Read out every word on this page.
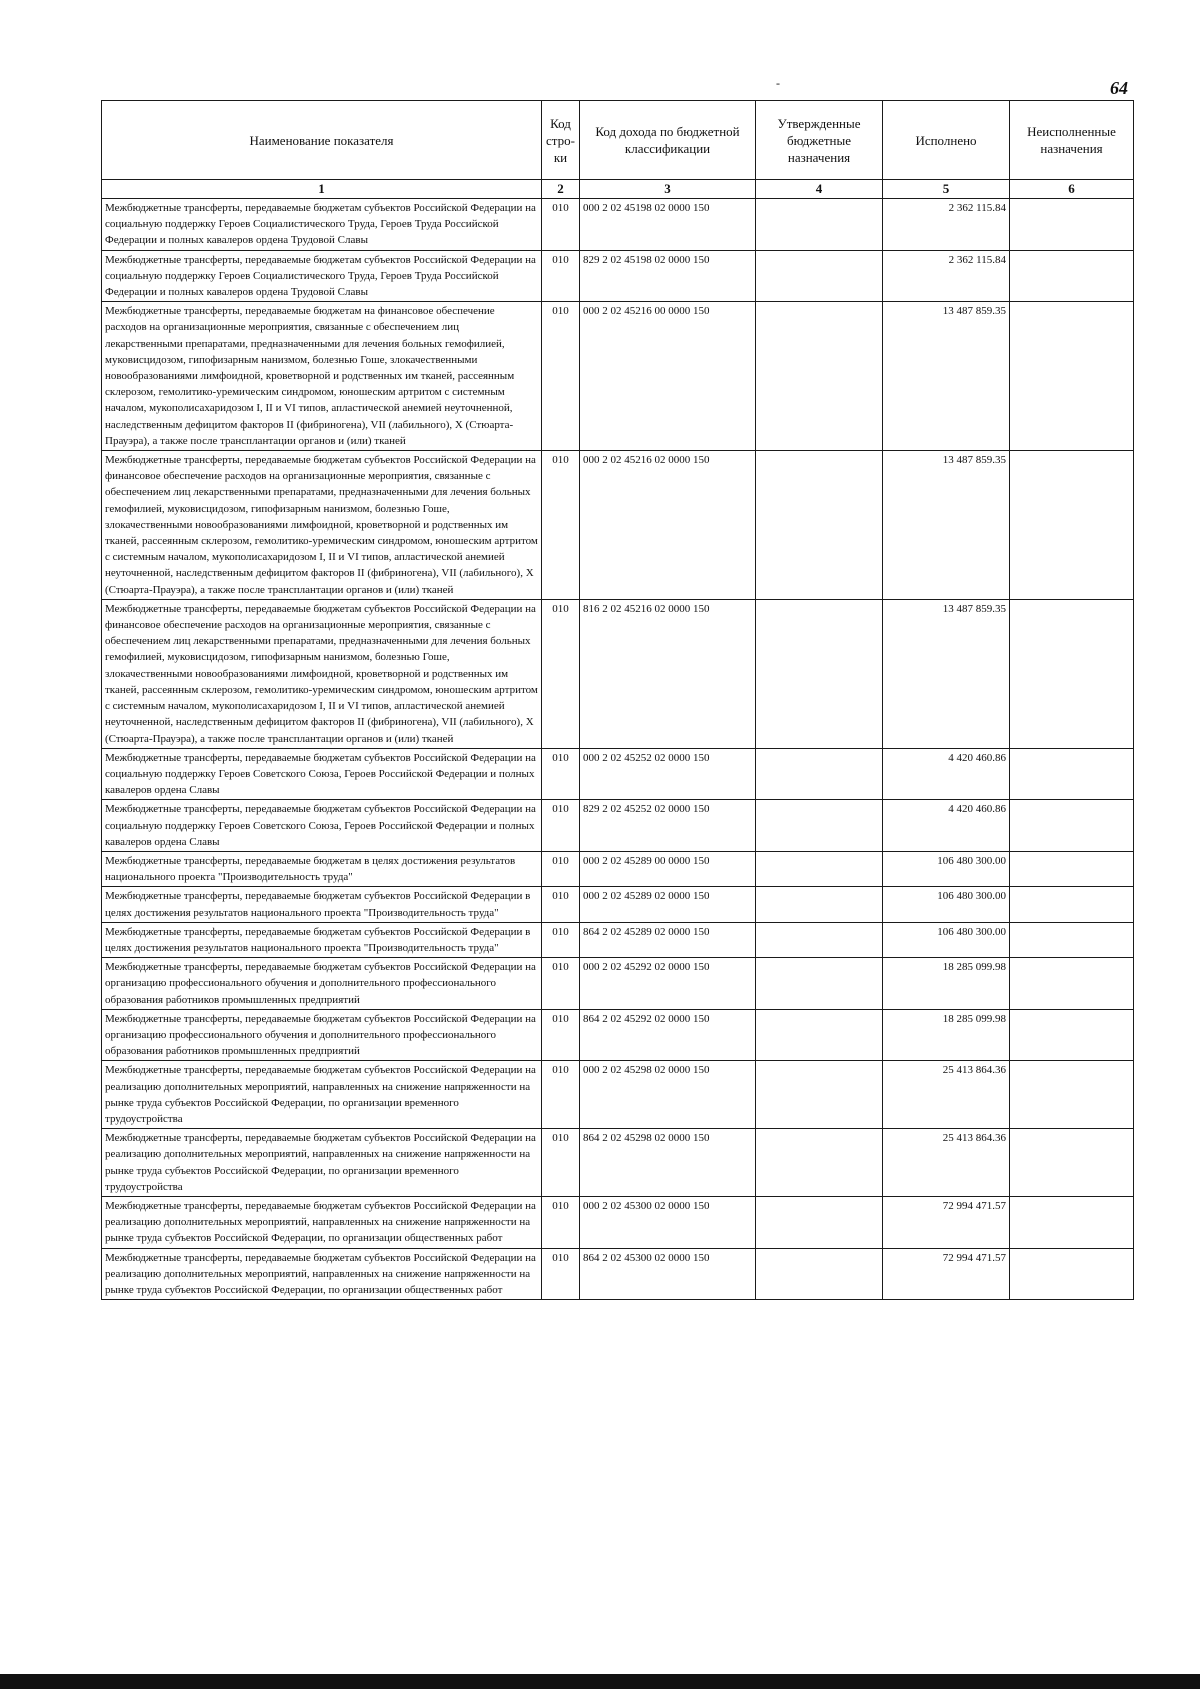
-	64
Наименование показателя	Код стро-ки	Код дохода по бюджетной классификации	Утвержденные бюджетные назначения	Исполнено	Неисполненные назначения
1	2	3	4	5	6
Межбюджетные трансферты, передаваемые бюджетам субъектов Российской Федерации на социальную поддержку Героев Социалистического Труда, Героев Труда Российской Федерации и полных кавалеров ордена Трудовой Славы	010	000 2 02 45198 02 0000 150		2 362 115.84	
Межбюджетные трансферты, передаваемые бюджетам субъектов Российской Федерации на социальную поддержку Героев Социалистического Труда, Героев Труда Российской Федерации и полных кавалеров ордена Трудовой Славы	010	829 2 02 45198 02 0000 150		2 362 115.84	
Межбюджетные трансферты, передаваемые бюджетам на финансовое обеспечение расходов на организационные мероприятия, связанные с обеспечением лиц лекарственными препаратами, предназначенными для лечения больных гемофилией, муковисцидозом, гипофизарным нанизмом, болезнью Гоше, злокачественными новообразованиями лимфоидной, кроветворной и родственных им тканей, рассеянным склерозом, гемолитико-уремическим синдромом, юношеским артритом с системным началом, мукополисахаридозом I, II и VI типов, апластической анемией неуточненной, наследственным дефицитом факторов II (фибриногена), VII (лабильного), X (Стюарта-Прауэра), а также после трансплантации органов и (или) тканей	010	000 2 02 45216 00 0000 150		13 487 859.35	
Межбюджетные трансферты, передаваемые бюджетам субъектов Российской Федерации на финансовое обеспечение расходов на организационные мероприятия, связанные с обеспечением лиц лекарственными препаратами, предназначенными для лечения больных гемофилией, муковисцидозом, гипофизарным нанизмом, болезнью Гоше, злокачественными новообразованиями лимфоидной, кроветворной и родственных им тканей, рассеянным склерозом, гемолитико-уремическим синдромом, юношеским артритом с системным началом, мукополисахаридозом I, II и VI типов, апластической анемией неуточненной, наследственным дефицитом факторов II (фибриногена), VII (лабильного), X (Стюарта-Прауэра), а также после трансплантации органов и (или) тканей	010	000 2 02 45216 02 0000 150		13 487 859.35	
Межбюджетные трансферты, передаваемые бюджетам субъектов Российской Федерации на финансовое обеспечение расходов на организационные мероприятия, связанные с обеспечением лиц лекарственными препаратами, предназначенными для лечения больных гемофилией, муковисцидозом, гипофизарным нанизмом, болезнью Гоше, злокачественными новообразованиями лимфоидной, кроветворной и родственных им тканей, рассеянным склерозом, гемолитико-уремическим синдромом, юношеским артритом с системным началом, мукополисахаридозом I, II и VI типов, апластической анемией неуточненной, наследственным дефицитом факторов II (фибриногена), VII (лабильного), X (Стюарта-Прауэра), а также после трансплантации органов и (или) тканей	010	816 2 02 45216 02 0000 150		13 487 859.35	
Межбюджетные трансферты, передаваемые бюджетам субъектов Российской Федерации на социальную поддержку Героев Советского Союза, Героев Российской Федерации и полных кавалеров ордена Славы	010	000 2 02 45252 02 0000 150		4 420 460.86	
Межбюджетные трансферты, передаваемые бюджетам субъектов Российской Федерации на социальную поддержку Героев Советского Союза, Героев Российской Федерации и полных кавалеров ордена Славы	010	829 2 02 45252 02 0000 150		4 420 460.86	
Межбюджетные трансферты, передаваемые бюджетам в целях достижения результатов национального проекта "Производительность труда"	010	000 2 02 45289 00 0000 150		106 480 300.00	
Межбюджетные трансферты, передаваемые бюджетам субъектов Российской Федерации в целях достижения результатов национального проекта "Производительность труда"	010	000 2 02 45289 02 0000 150		106 480 300.00	
Межбюджетные трансферты, передаваемые бюджетам субъектов Российской Федерации в целях достижения результатов национального проекта "Производительность труда"	010	864 2 02 45289 02 0000 150		106 480 300.00	
Межбюджетные трансферты, передаваемые бюджетам субъектов Российской Федерации на организацию профессионального обучения и дополнительного профессионального образования работников промышленных предприятий	010	000 2 02 45292 02 0000 150		18 285 099.98	
Межбюджетные трансферты, передаваемые бюджетам субъектов Российской Федерации на организацию профессионального обучения и дополнительного профессионального образования работников промышленных предприятий	010	864 2 02 45292 02 0000 150		18 285 099.98	
Межбюджетные трансферты, передаваемые бюджетам субъектов Российской Федерации на реализацию дополнительных мероприятий, направленных на снижение напряженности на рынке труда субъектов Российской Федерации, по организации временного трудоустройства	010	000 2 02 45298 02 0000 150		25 413 864.36	
Межбюджетные трансферты, передаваемые бюджетам субъектов Российской Федерации на реализацию дополнительных мероприятий, направленных на снижение напряженности на рынке труда субъектов Российской Федерации, по организации временного трудоустройства	010	864 2 02 45298 02 0000 150		25 413 864.36	
Межбюджетные трансферты, передаваемые бюджетам субъектов Российской Федерации на реализацию дополнительных мероприятий, направленных на снижение напряженности на рынке труда субъектов Российской Федерации, по организации общественных работ	010	000 2 02 45300 02 0000 150		72 994 471.57	
Межбюджетные трансферты, передаваемые бюджетам субъектов Российской Федерации на реализацию дополнительных мероприятий, направленных на снижение напряженности на рынке труда субъектов Российской Федерации, по организации общественных работ	010	864 2 02 45300 02 0000 150		72 994 471.57	
